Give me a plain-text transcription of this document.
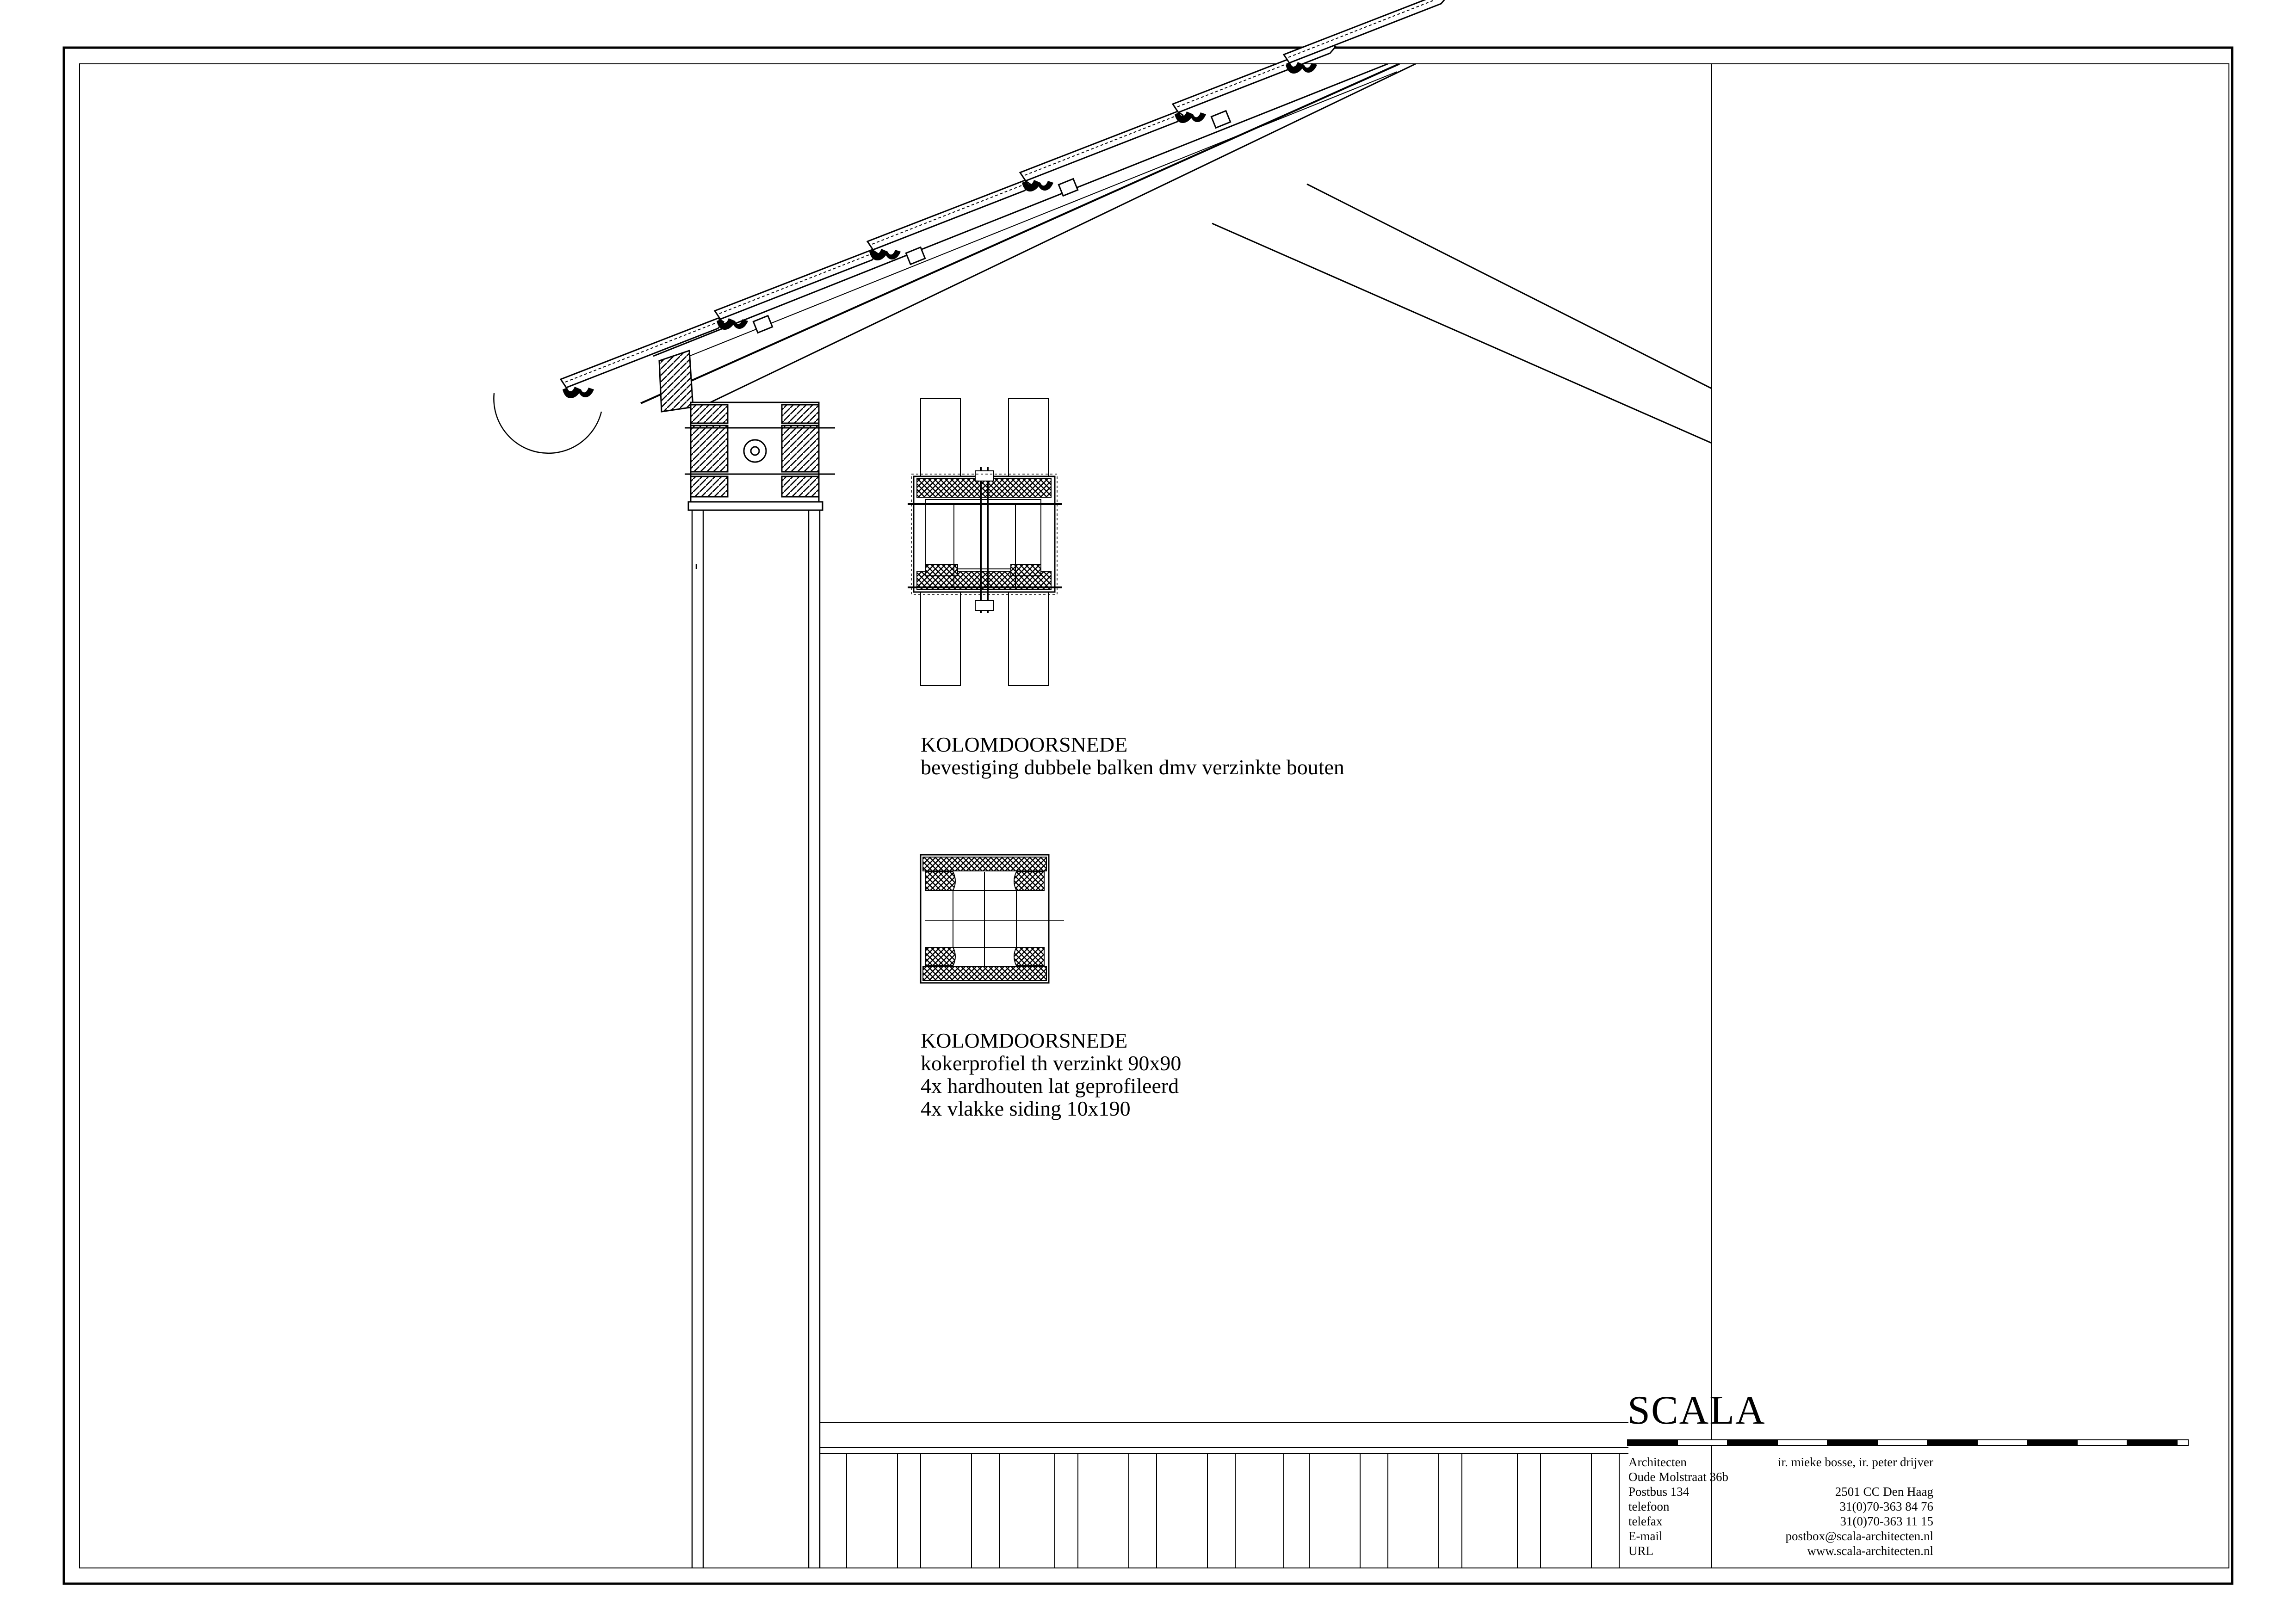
KOLOMDOORSNEDE
bevestiging dubbele balken dmv verzinkte bouten
KOLOMDOORSNEDE
kokerprofiel th verzinkt 90x90
4x hardhouten lat geprofileerd
4x vlakke siding 10x190
SCALA
Architecten
Oude Molstraat 36b
Postbus 134
telefoon
telefax
E-mail
URL
ir. mieke bosse, ir. peter drijver
2501 CC Den Haag
31(0)70-363 84 76
31(0)70-363 11 15
postbox@scala-architecten.nl
www.scala-architecten.nl
